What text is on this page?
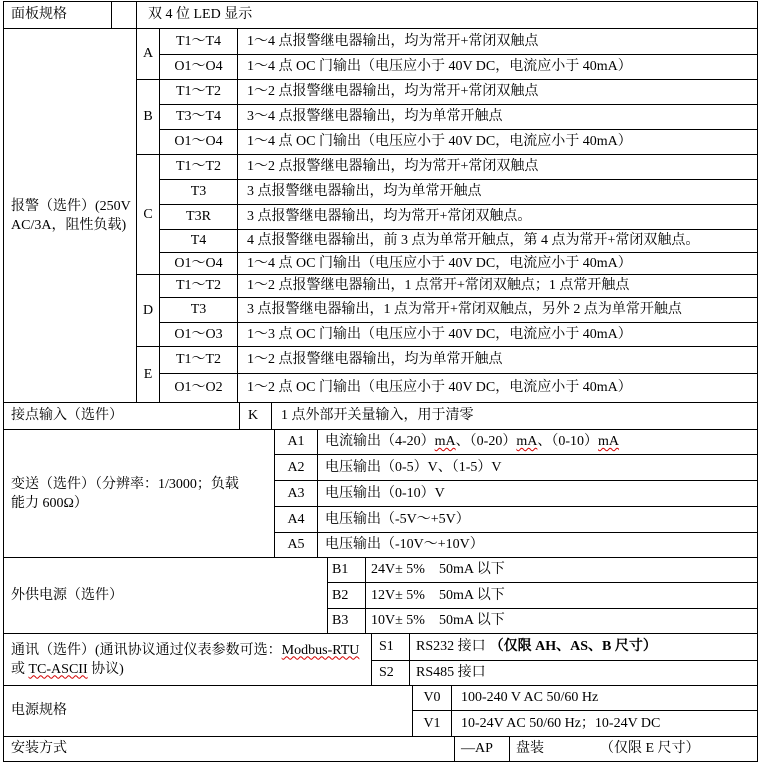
面板规格	双 4 位 LED 显示
报警（选件）(250V
AC/3A，阻性负载)
A
T1～T4	1～4 点报警继电器输出，均为常开+常闭双触点
O1～O4	1～4 点 OC 门输出（电压应小于 40V DC，电流应小于 40mA）
B
T1～T2	1～2 点报警继电器输出，均为常开+常闭双触点
T3～T4	3～4 点报警继电器输出，均为单常开触点
O1～O4	1～4 点 OC 门输出（电压应小于 40V DC，电流应小于 40mA）
C
T1～T2	1～2 点报警继电器输出，均为常开+常闭双触点
T3	3 点报警继电器输出，均为单常开触点
T3R	3 点报警继电器输出，均为常开+常闭双触点。
T4	4 点报警继电器输出，前 3 点为单常开触点，第 4 点为常开+常闭双触点。
O1～O4	1～4 点 OC 门输出（电压应小于 40V DC，电流应小于 40mA）
D
T1～T2	1～2 点报警继电器输出，1 点常开+常闭双触点；1 点常开触点
T3	3 点报警继电器输出，1 点为常开+常闭双触点，另外 2 点为单常开触点
O1～O3	1～3 点 OC 门输出（电压应小于 40V DC，电流应小于 40mA）
E
T1～T2	1～2 点报警继电器输出，均为单常开触点
O1～O2	1～2 点 OC 门输出（电压应小于 40V DC，电流应小于 40mA）
接点输入（选件）	K	1 点外部开关量输入，用于清零
变送（选件）（分辨率：1/3000；负载
能力 600Ω）
A1	电流输出（4-20） mA 、（0-20） mA 、（0-10） mA
A2	电压输出（0-5）V、（1-5）V
A3	电压输出（0-10）V
A4	电压输出（-5V～+5V）
A5	电压输出（-10V～+10V）
外供电源（选件）
B1	24V± 5% 50mA 以下
B2	12V± 5% 50mA 以下
B3	10V± 5% 50mA 以下
通讯（选件）(通讯协议通过仪表参数可选：Modbus-RTU
或 TC-ASCII 协议)
S1	RS232 接口 （仅限 AH、AS、B 尺寸）
S2	RS485 接口
电源规格
V0	100-240 V AC 50/60 Hz
V1	10-24V AC 50/60 Hz；10-24V DC
安装方式	—AP	盘装	（仅限 E 尺寸）
